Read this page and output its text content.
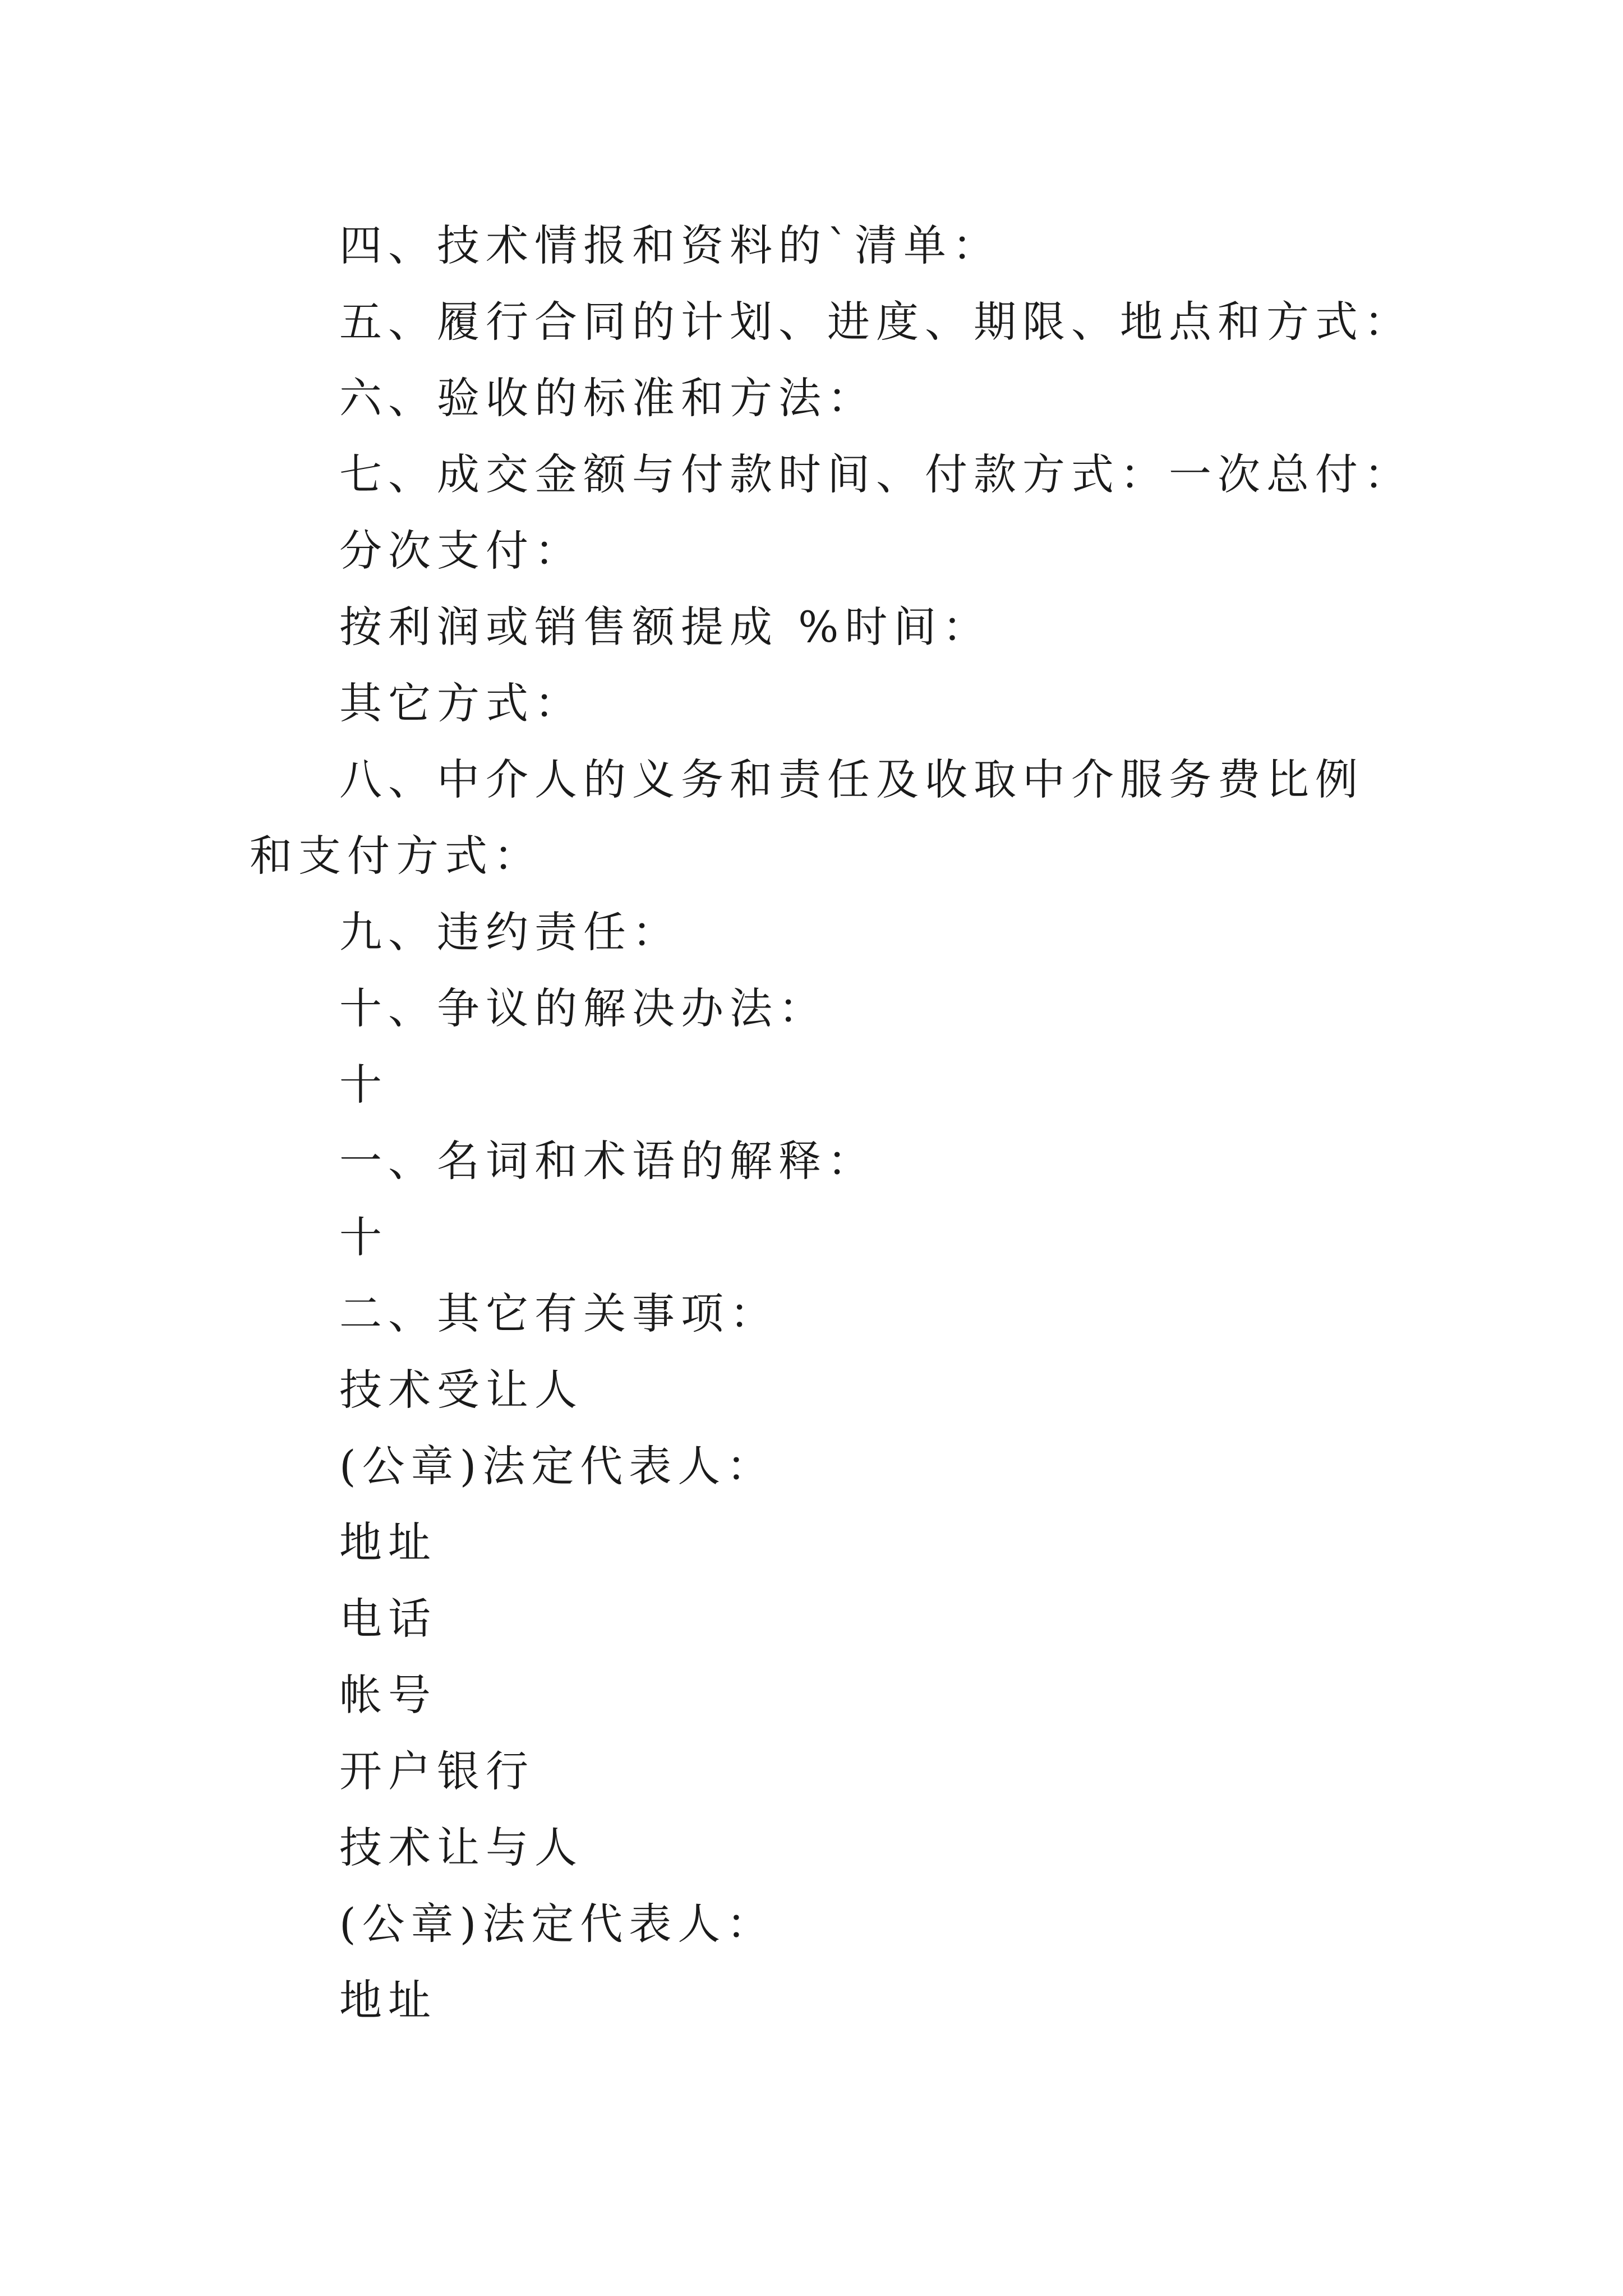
四、技术情报和资料的`清单：
五、履行合同的计划、进度、期限、地点和方式：
六、验收的标准和方法：
七、成交金额与付款时间、付款方式：一次总付：
分次支付：
按利润或销售额提成 %时间：
其它方式：
八、中介人的义务和责任及收取中介服务费比例和支付方式：
九、违约责任：
十、争议的解决办法：
十
一、名词和术语的解释：
十
二、其它有关事项：
技术受让人
(公章)法定代表人：
地址
电话
帐号
开户银行
技术让与人
(公章)法定代表人：
地址
